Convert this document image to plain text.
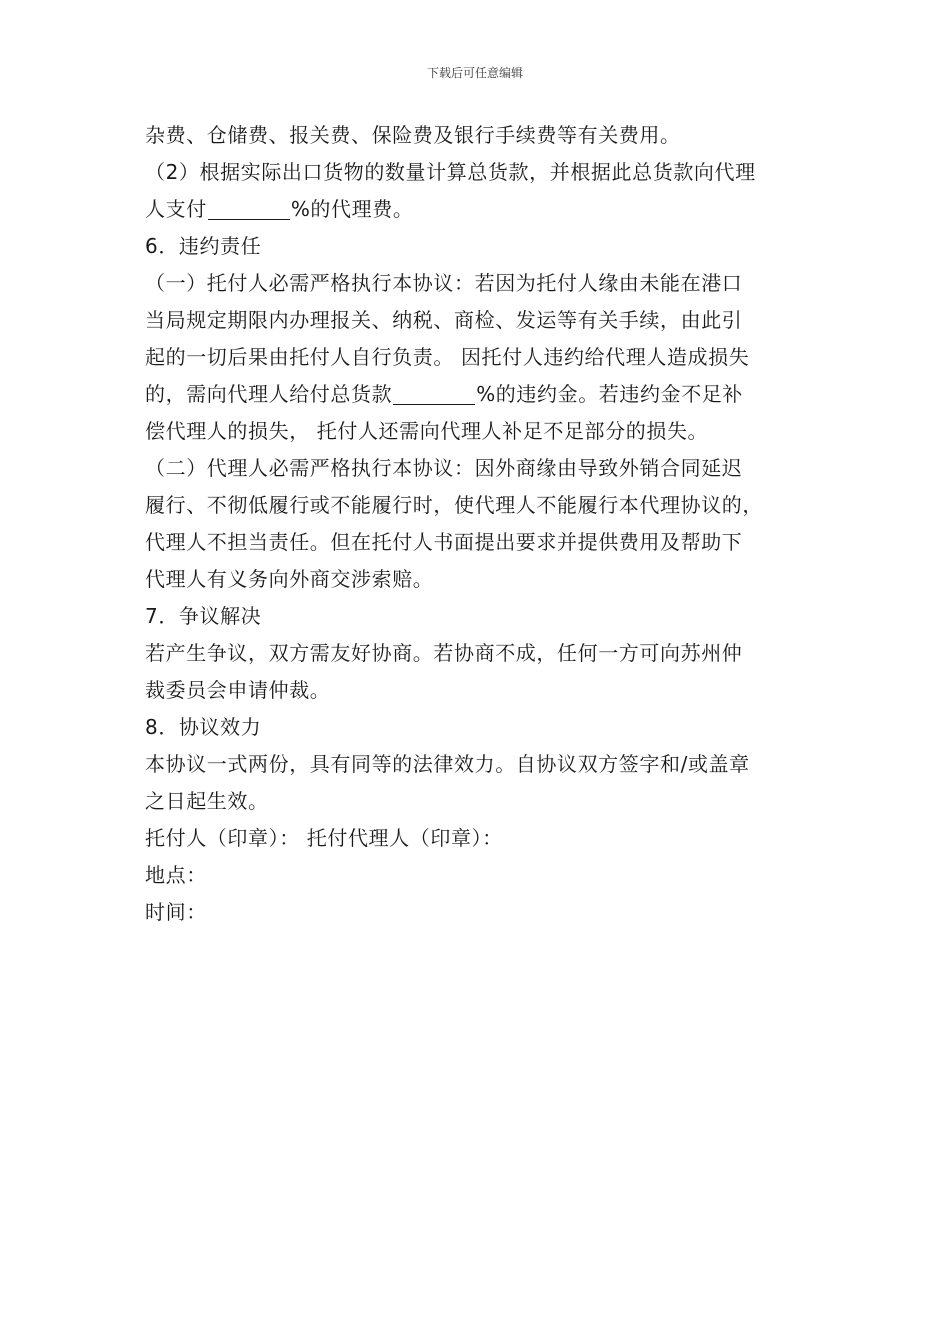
下载后可任意编辑
杂费、仓储费、报关费、保险费及银行手续费等有关费用。
（2）根据实际出口货物的数量计算总货款，并根据此总货款向代理
人支付	%的代理费。
6．违约责任
（一）托付人必需严格执行本协议：若因为托付人缘由未能在港口
当局规定期限内办理报关、纳税、商检、发运等有关手续，由此引
起的一切后果由托付人自行负责。 因托付人违约给代理人造成损失
的，需向代理人给付总货款	%的违约金。若违约金不足补
偿代理人的损失， 托付人还需向代理人补足不足部分的损失。
（二）代理人必需严格执行本协议：因外商缘由导致外销合同延迟
履行、不彻低履行或不能履行时，使代理人不能履行本代理协议的，
代理人不担当责任。但在托付人书面提出要求并提供费用及帮助下
代理人有义务向外商交涉索赔。
7．争议解决
若产生争议，双方需友好协商。若协商不成，任何一方可向苏州仲
裁委员会申请仲裁。
8．协议效力
本协议一式两份，具有同等的法律效力。自协议双方签字和/或盖章
之日起生效。
托付人（印章）： 托付代理人（印章）：
地点：
时间：
